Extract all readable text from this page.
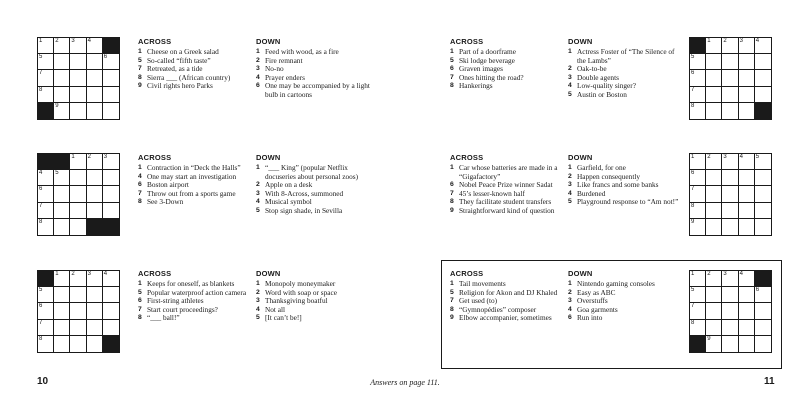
1 2 3 4
5	6
7
8
9
ACROSS
1 Cheese on a Greek salad
5 So-called “fifth taste”
7 Retreated, as a tide
8 Sierra ___ (African country)
9 Civil rights hero Parks
DOWN
1 Feed with wood, as a fire
2 Fire remnant
3 No-no
4 Prayer enders
6 One may be accompanied by a light bulb in cartoons
1 2 3
4 5
6
7
8
ACROSS
1 Contraction in “Deck the Halls”
4 One may start an investigation
6 Boston airport
7 Throw out from a sports game
8 See 3-Down
DOWN
1 “___ King” (popular Netflix docuseries about personal zoos)
2 Apple on a desk
3 With 8-Across, summoned
4 Musical symbol
5 Stop sign shade, in Sevilla
1 2 3 4
5
6
7
8
ACROSS
1 Keeps for oneself, as blankets
5 Popular waterproof action camera
6 First-string athletes
7 Start court proceedings?
8 “___ ball!”
DOWN
1 Monopoly moneymaker
2 Word with soap or space
3 Thanksgiving boatful
4 Not all
5 [It can’t be!]
ACROSS
1 Part of a doorframe
5 Ski lodge beverage
6 Graven images
7 Ones hitting the road?
8 Hankerings
DOWN
1 Actress Foster of “The Silence of the Lambs”
2 Oak-to-be
3 Double agents
4 Low-quality singer?
5 Austin or Boston
1 2 3 4
5
6
7
8
ACROSS
1 Car whose batteries are made in a “Gigafactory”
6 Nobel Peace Prize winner Sadat
7 45’s lesser-known half
8 They facilitate student transfers
9 Straightforward kind of question
DOWN
1 Garfield, for one
2 Happen consequently
3 Like francs and some banks
4 Burdened
5 Playground response to “Am not!”
1 2 3 4 5
6
7
8
9
ACROSS
1 Tail movements
5 Religion for Akon and DJ Khaled
7 Get used (to)
8 “Gymnopédies” composer
9 Elbow accompanier, sometimes
DOWN
1 Nintendo gaming consoles
2 Easy as ABC
3 Overstuffs
4 Goa garments
6 Run into
1 2 3 4
5	6
7
8
9
10	Answers on page 111.	11
